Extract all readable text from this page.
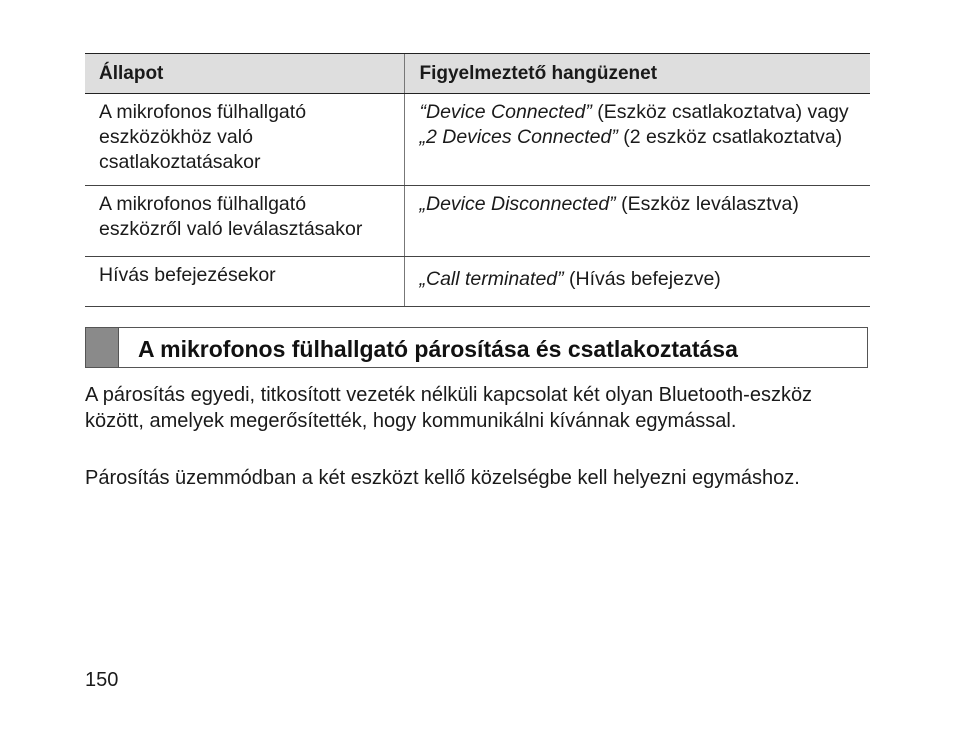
Állapot	Figyelmeztető hangüzenet
A mikrofonos fülhallgató
eszközökhöz való
csatlakoztatásakor	“Device Connected” (Eszköz csatlakoztatva) vagy „2 Devices Connected” (2 eszköz csatlakoztatva)
A mikrofonos fülhallgató
eszközről való leválasztásakor	„Device Disconnected” (Eszköz leválasztva)
Hívás befejezésekor	„Call terminated” (Hívás befejezve)
A mikrofonos fülhallgató párosítása és csatlakoztatása

A párosítás egyedi, titkosított vezeték nélküli kapcsolat két olyan Bluetooth-eszköz között, amelyek megerősítették, hogy kommunikálni kívánnak egymással.

Párosítás üzemmódban a két eszközt kellő közelségbe kell helyezni egymáshoz.

150
